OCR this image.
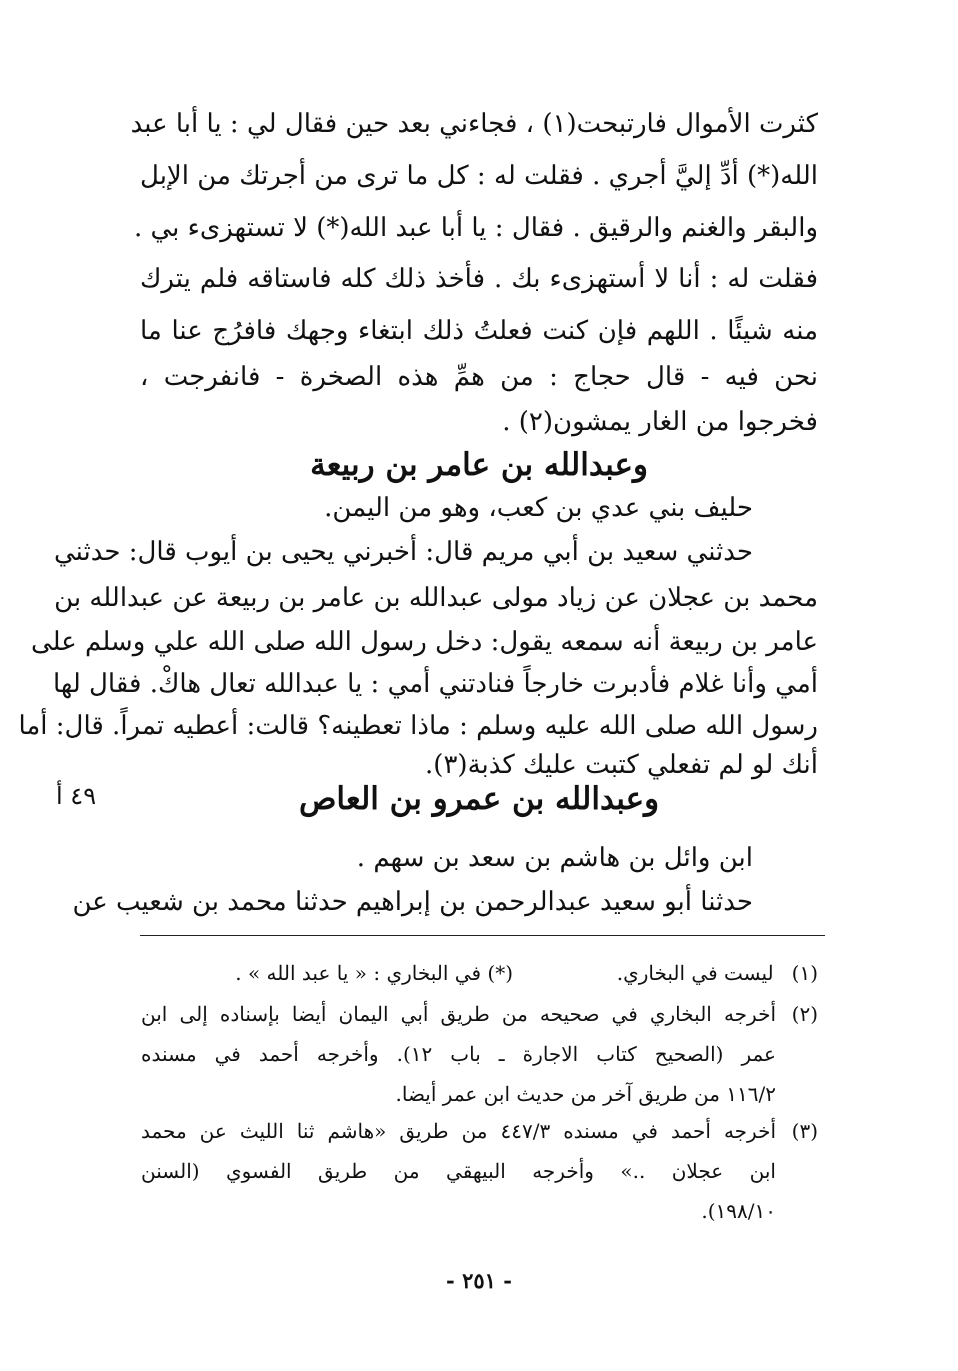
كثرت الأموال فارتبحت(١) ، فجاءني بعد حين فقال لي : يا أبا عبد
الله(*) أدِّ إليَّ أجري . فقلت له : كل ما ترى من أجرتك من الإبل
والبقر والغنم والرقيق . فقال : يا أبا عبد الله(*) لا تستهزىء بي .
فقلت له : أنا لا أستهزىء بك . فأخذ ذلك كله فاستاقه فلم يترك
منه شيئًا . اللهم فإن كنت فعلتُ ذلك ابتغاء وجهك فافرُج عنا ما
نحن فيه - قال حجاج : من همِّ هذه الصخرة - فانفرجت ،
فخرجوا من الغار يمشون(٢) .
وعبدالله بن عامر بن ربيعة
حليف بني عدي بن كعب، وهو من اليمن.
حدثني سعيد بن أبي مريم قال: أخبرني يحيى بن أيوب قال: حدثني
محمد بن عجلان عن زياد مولى عبدالله بن عامر بن ربيعة عن عبدالله بن
عامر بن ربيعة أنه سمعه يقول: دخل رسول الله صلى الله علي وسلم على
أمي وأنا غلام فأدبرت خارجاً فنادتني أمي : يا عبدالله تعال هاكْ. فقال لها
رسول الله صلى الله عليه وسلم : ماذا تعطينه؟ قالت: أعطيه تمراً. قال: أما
أنك لو لم تفعلي كتبت عليك كذبة(٣).
٤٩ أ	وعبدالله بن عمرو بن العاص
ابن وائل بن هاشم بن سعد بن سهم .
حدثنا أبو سعيد عبدالرحمن بن إبراهيم حدثنا محمد بن شعيب عن
(١) ليست في البخاري.
(*) في البخاري : « يا عبد الله » .
(٢)
أخرجه البخاري في صحيحه من طريق أبي اليمان أيضا بإسناده إلى ابن
عمر (الصحيح كتاب الاجارة ـ باب ١٢). وأخرجه أحمد في مسنده
١١٦/٢ من طريق آخر من حديث ابن عمر أيضا.
(٣)
أخرجه أحمد في مسنده ٤٤٧/٣ من طريق «هاشم ثنا الليث عن محمد
ابن عجلان ..» وأخرجه البيهقي من طريق الفسوي (السنن
١٩٨/١٠).
- ٢٥١ -
